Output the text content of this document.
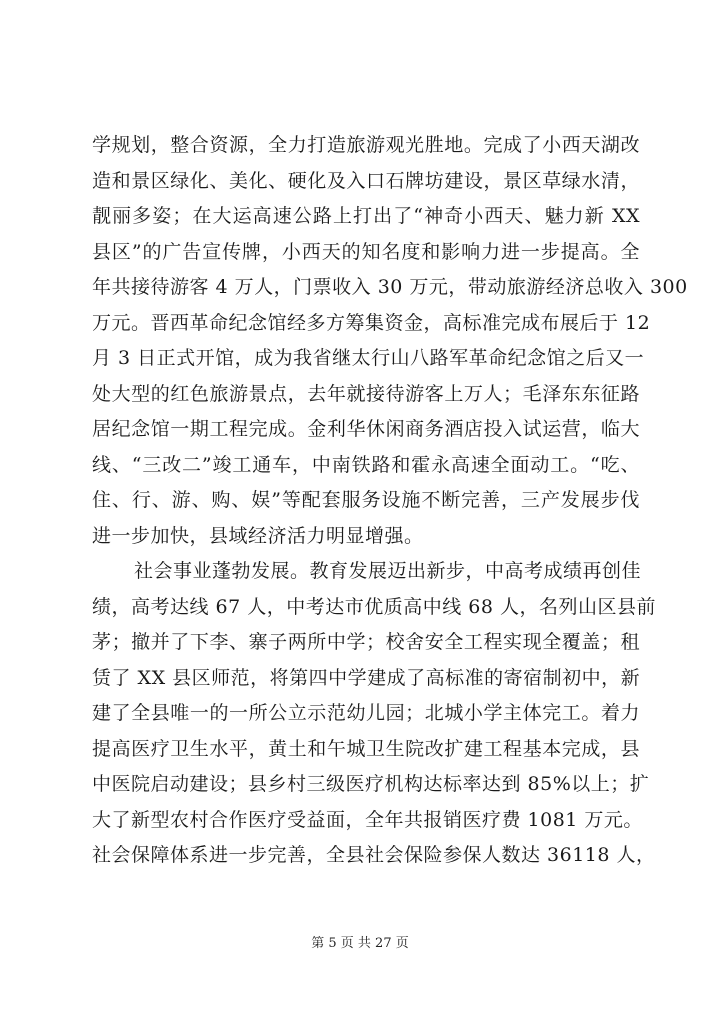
学规划，整合资源，全力打造旅游观光胜地。完成了小西天湖改
造和景区绿化、美化、硬化及入口石牌坊建设，景区草绿水清，
靓丽多姿；在大运高速公路上打出了“神奇小西天、魅力新 XX
县区”的广告宣传牌，小西天的知名度和影响力进一步提高。全
年共接待游客 4 万人，门票收入 30 万元，带动旅游经济总收入 300
万元。晋西革命纪念馆经多方筹集资金，高标准完成布展后于 12
月 3 日正式开馆，成为我省继太行山八路军革命纪念馆之后又一
处大型的红色旅游景点，去年就接待游客上万人；毛泽东东征路
居纪念馆一期工程完成。金利华休闲商务酒店投入试运营，临大
线、“三改二”竣工通车，中南铁路和霍永高速全面动工。“吃、
住、行、游、购、娱”等配套服务设施不断完善，三产发展步伐
进一步加快，县域经济活力明显增强。
社会事业蓬勃发展。教育发展迈出新步，中高考成绩再创佳
绩，高考达线 67 人，中考达市优质高中线 68 人，名列山区县前
茅；撤并了下李、寨子两所中学；校舍安全工程实现全覆盖；租
赁了 XX 县区师范，将第四中学建成了高标准的寄宿制初中，新
建了全县唯一的一所公立示范幼儿园；北城小学主体完工。着力
提高医疗卫生水平，黄土和午城卫生院改扩建工程基本完成，县
中医院启动建设；县乡村三级医疗机构达标率达到 85%以上；扩
大了新型农村合作医疗受益面，全年共报销医疗费 1081 万元。
社会保障体系进一步完善，全县社会保险参保人数达 36118 人，
第 5 页 共 27 页
